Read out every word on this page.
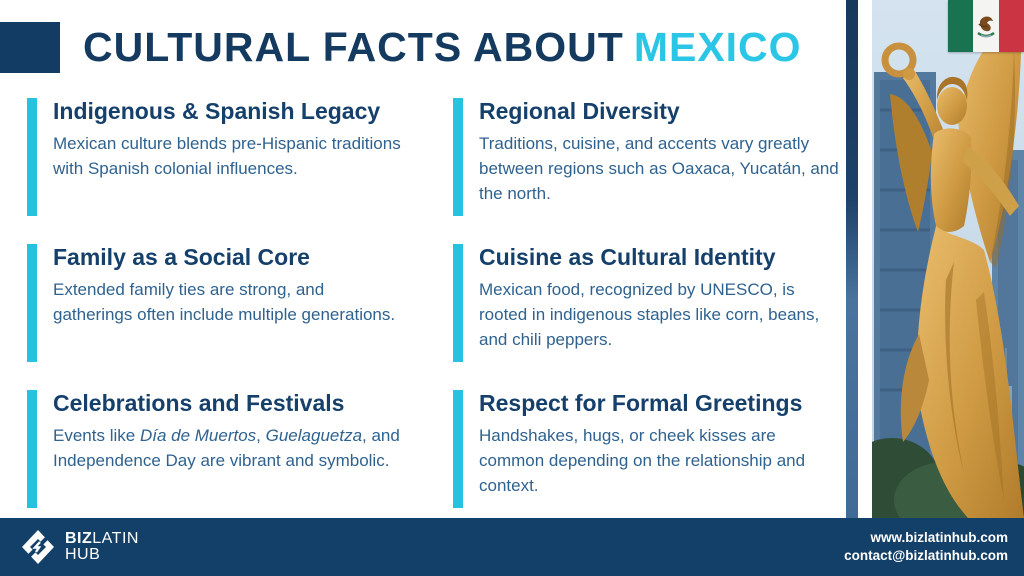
CULTURAL FACTS ABOUT MEXICO
Indigenous & Spanish Legacy
Mexican culture blends pre-Hispanic traditions
with Spanish colonial influences.
Regional Diversity
Traditions, cuisine, and accents vary greatly
between regions such as Oaxaca, Yucatán, and
the north.
Family as a Social Core
Extended family ties are strong, and
gatherings often include multiple generations.
Cuisine as Cultural Identity
Mexican food, recognized by UNESCO, is
rooted in indigenous staples like corn, beans,
and chili peppers.
Celebrations and Festivals
Events like Día de Muertos, Guelaguetza, and
Independence Day are vibrant and symbolic.
Respect for Formal Greetings
Handshakes, hugs, or cheek kisses are
common depending on the relationship and
context.
BIZLATIN
HUB
www.bizlatinhub.com
contact@bizlatinhub.com
